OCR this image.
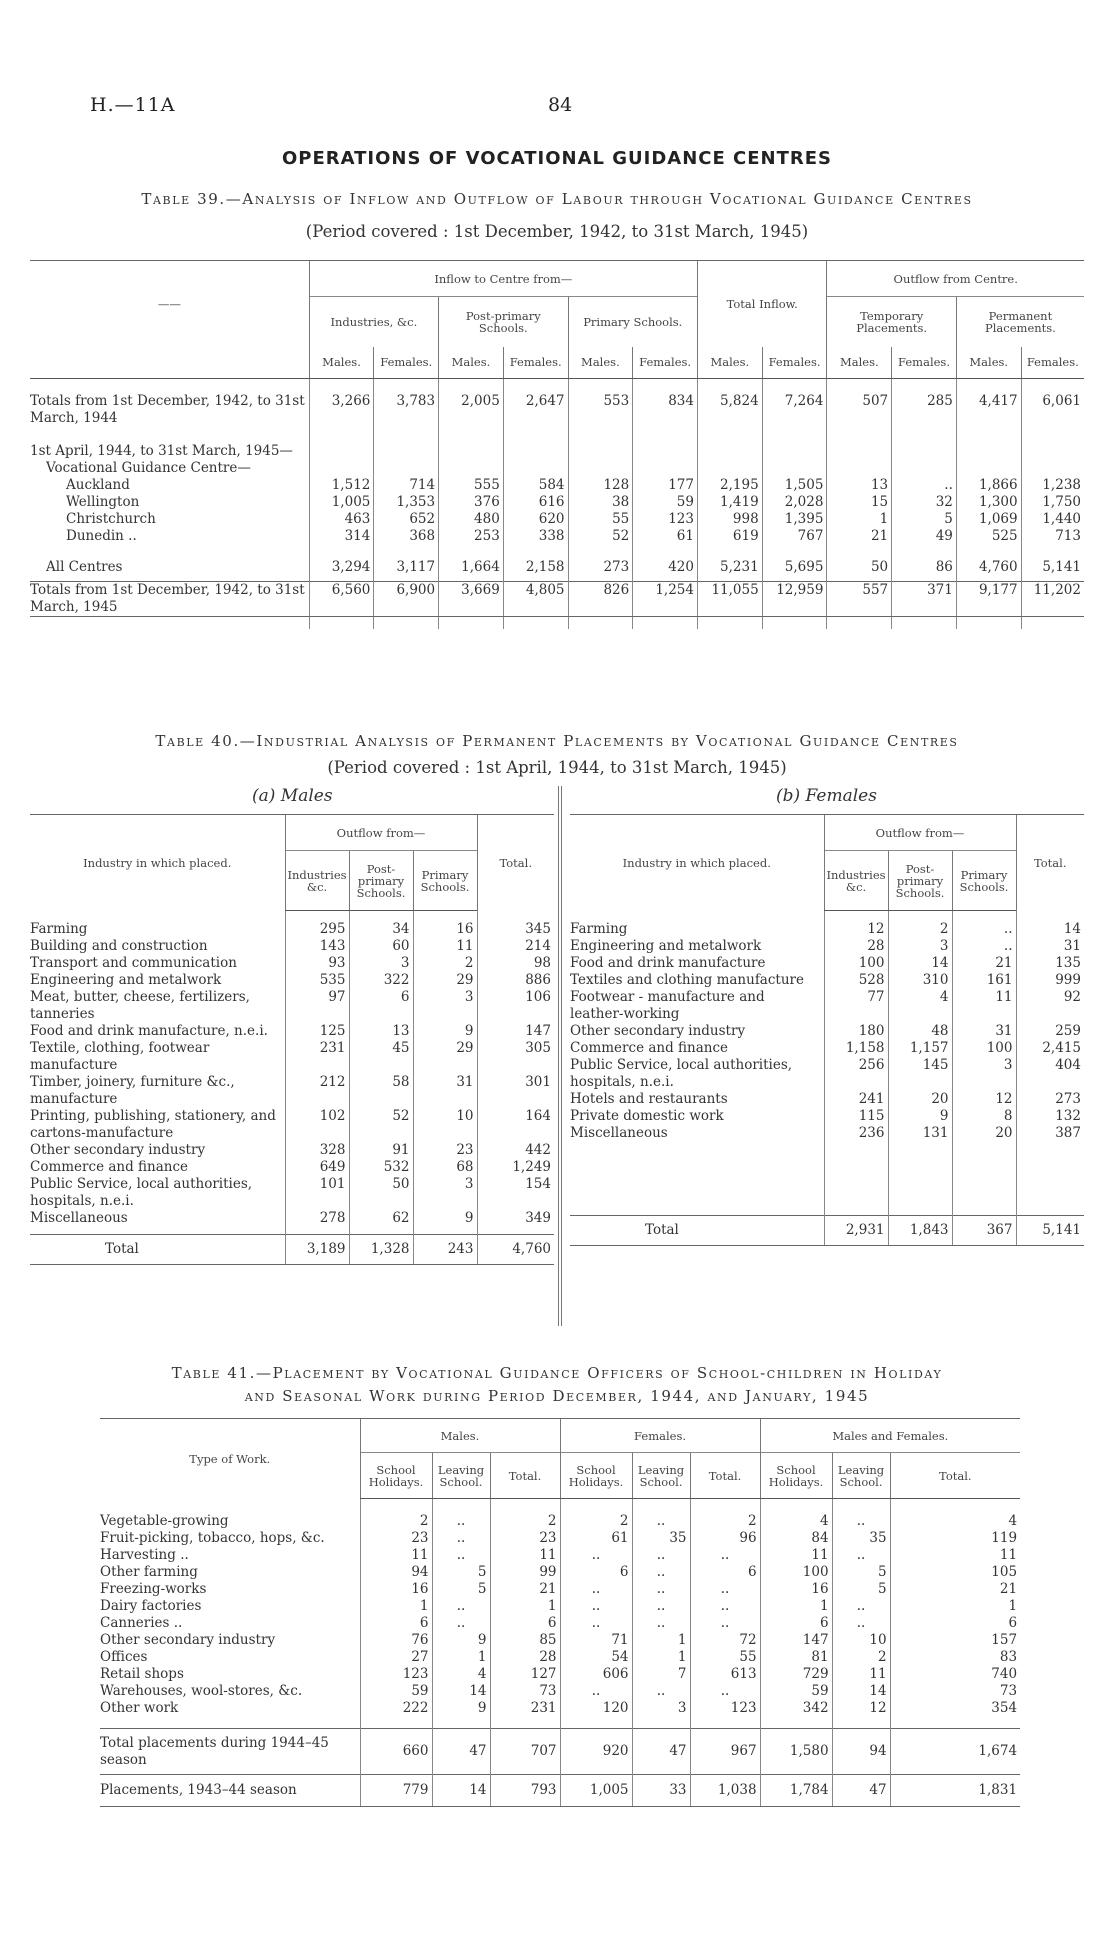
H.—11A	84
OPERATIONS OF VOCATIONAL GUIDANCE CENTRES
Table 39.—Analysis of Inflow and Outflow of Labour through Vocational Guidance Centres
(Period covered : 1st December, 1942, to 31st March, 1945)
——	Inflow to Centre from—						Total Inflow.		Outflow from Centre.			
	Industries, &c.		Post-primary Schools.		Primary Schools.				Temporary Placements.		Permanent Placements.	
	Males.	Females.	Males.	Females.	Males.	Females.	Males.	Females.	Males.	Females.	Males.	Females.

Totals from 1st December, 1942, to 31st March, 1944	3,266	3,783	2,005	2,647	553	834	5,824	7,264	507	285	4,417	6,061

1st April, 1944, to 31st March, 1945—												
Vocational Guidance Centre—												
Auckland	1,512	714	555	584	128	177	2,195	1,505	13	..	1,866	1,238
Wellington	1,005	1,353	376	616	38	59	1,419	2,028	15	32	1,300	1,750
Christchurch	463	652	480	620	55	123	998	1,395	1	5	1,069	1,440
Dunedin ..	314	368	253	338	52	61	619	767	21	49	525	713

All Centres	3,294	3,117	1,664	2,158	273	420	5,231	5,695	50	86	4,760	5,141

Totals from 1st December, 1942, to 31st March, 1945	6,560	6,900	3,669	4,805	826	1,254	11,055	12,959	557	371	9,177	11,202

Table 40.—Industrial Analysis of Permanent Placements by Vocational Guidance Centres
(Period covered : 1st April, 1944, to 31st March, 1945)
(a) Males	(b) Females
Industry in which placed.	Outflow from—			Total.
	Industries &c.	Post-primary Schools.	Primary Schools.	

Farming	295	34	16	345
Building and construction	143	60	11	214
Transport and communication	93	3	2	98
Engineering and metalwork	535	322	29	886
Meat, butter, cheese, fertilizers, tanneries	97	6	3	106
Food and drink manufacture, n.e.i.	125	13	9	147
Textile, clothing, footwear manufacture	231	45	29	305
Timber, joinery, furniture &c., manufacture	212	58	31	301
Printing, publishing, stationery, and cartons-manufacture	102	52	10	164
Other secondary industry	328	91	23	442
Commerce and finance	649	532	68	1,249
Public Service, local authorities, hospitals, n.e.i.	101	50	3	154
Miscellaneous	278	62	9	349

Total	3,189	1,328	243	4,760
Industry in which placed.	Outflow from—			Total.
	Industries &c.	Post-primary Schools.	Primary Schools.	

Farming	12	2	..	14
Engineering and metalwork	28	3	..	31
Food and drink manufacture	100	14	21	135
Textiles and clothing manufacture	528	310	161	999
Footwear - manufacture and leather-working	77	4	11	92
Other secondary industry	180	48	31	259
Commerce and finance	1,158	1,157	100	2,415
Public Service, local authorities, hospitals, n.e.i.	256	145	3	404
Hotels and restaurants	241	20	12	273
Private domestic work	115	9	8	132
Miscellaneous	236	131	20	387

Total	2,931	1,843	367	5,141
Table 41.—Placement by Vocational Guidance Officers of School-children in Holiday
and Seasonal Work during Period December, 1944, and January, 1945
Type of Work.	Males.			Females.			Males and Females.		
	School Holidays.	Leaving School.	Total.	School Holidays.	Leaving School.	Total.	School Holidays.	Leaving School.	Total.

Vegetable-growing	2	..	2	2	..	2	4	..	4
Fruit-picking, tobacco, hops, &c.	23	..	23	61	35	96	84	35	119
Harvesting ..	11	..	11	..	..	..	11	..	11
Other farming	94	5	99	6	..	6	100	5	105
Freezing-works	16	5	21	..	..	..	16	5	21
Dairy factories	1	..	1	..	..	..	1	..	1
Canneries ..	6	..	6	..	..	..	6	..	6
Other secondary industry	76	9	85	71	1	72	147	10	157
Offices	27	1	28	54	1	55	81	2	83
Retail shops	123	4	127	606	7	613	729	11	740
Warehouses, wool-stores, &c.	59	14	73	..	..	..	59	14	73
Other work	222	9	231	120	3	123	342	12	354

Total placements during 1944–45 season	660	47	707	920	47	967	1,580	94	1,674
Placements, 1943–44 season	779	14	793	1,005	33	1,038	1,784	47	1,831
